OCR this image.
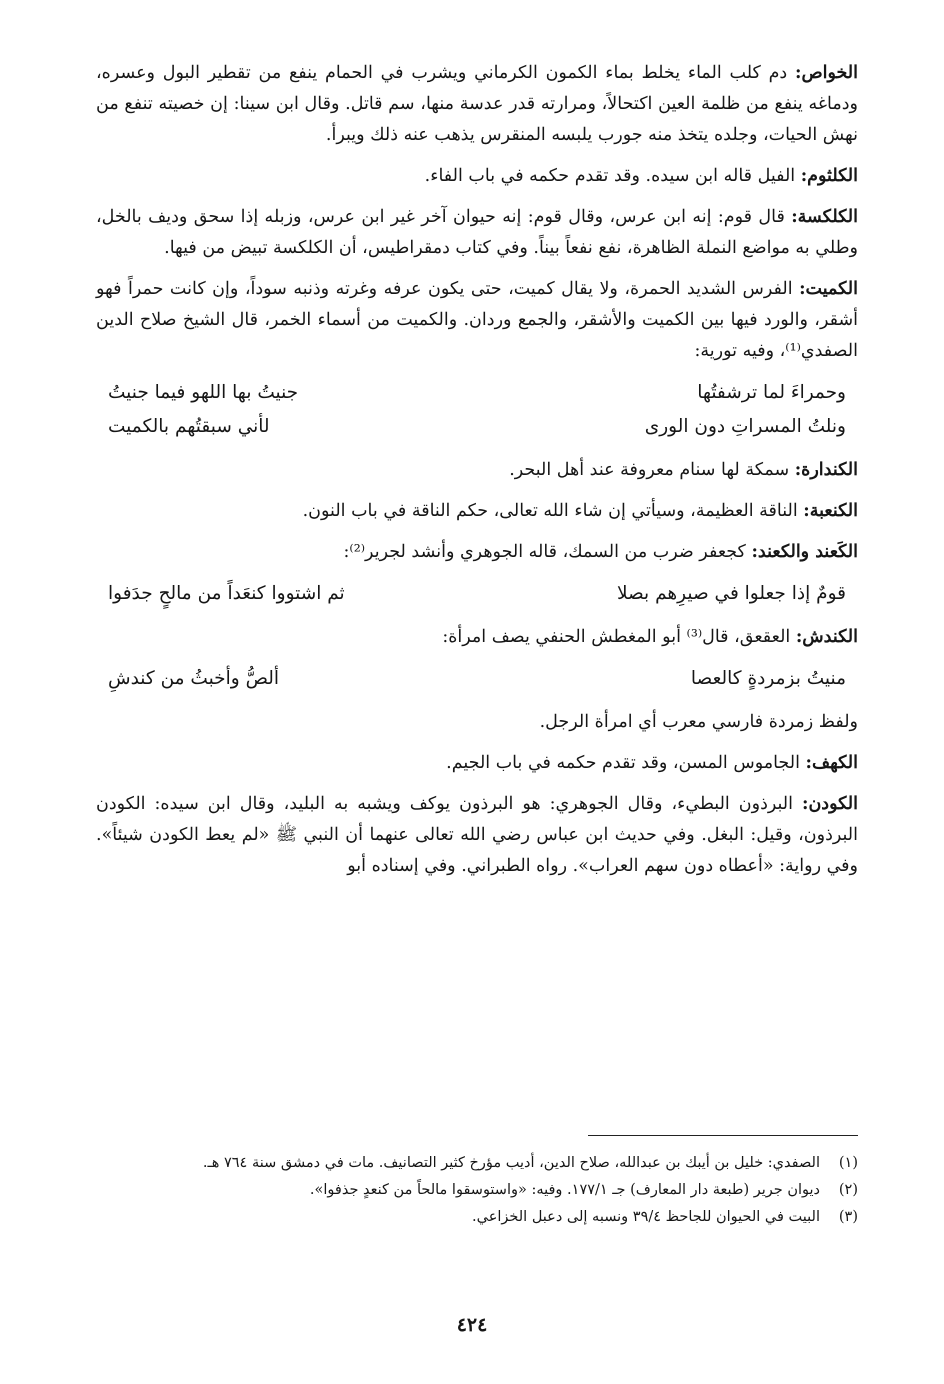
الخواص: دم كلب الماء يخلط بماء الكمون الكرماني ويشرب في الحمام ينفع من تقطير البول وعسره، ودماغه ينفع من ظلمة العين اكتحالاً، ومرارته قدر عدسة منها، سم قاتل. وقال ابن سينا: إن خصيته تنفع من نهش الحيات، وجلده يتخذ منه جورب يلبسه المنقرس يذهب عنه ذلك ويبرأ.

الكلثوم: الفيل قاله ابن سيده. وقد تقدم حكمه في باب الفاء.

الكلكسة: قال قوم: إنه ابن عرس، وقال قوم: إنه حيوان آخر غير ابن عرس، وزبله إذا سحق وديف بالخل، وطلي به مواضع النملة الظاهرة، نفع نفعاً بيناً. وفي كتاب دمقراطيس، أن الكلكسة تبيض من فيها.

الكميت: الفرس الشديد الحمرة، ولا يقال كميت، حتى يكون عرفه وغرته وذنبه سوداً، وإن كانت حمراً فهو أشقر، والورد فيها بين الكميت والأشقر، والجمع وردان. والكميت من أسماء الخمر، قال الشيخ صلاح الدين الصفدي⁽¹⁾، وفيه تورية:

وحمراءَ لما ترشفتُها
جنيتُ بها اللهو فيما جنيتُ
ونلتُ المسراتِ دون الورى
لأني سبقتُهم بالكميت

الكندارة: سمكة لها سنام معروفة عند أهل البحر.

الكنعبة: الناقة العظيمة، وسيأتي إن شاء الله تعالى، حكم الناقة في باب النون.

الكَعند والكعند: كجعفر ضرب من السمك، قاله الجوهري وأنشد لجرير⁽²⁾:

قومٌ إذا جعلوا في صيرِهم بصلا
ثم اشتووا كنعَداً من مالحٍ جدَفوا

الكندش: العقعق، قال⁽³⁾ أبو المغطش الحنفي يصف امرأة:

منيتُ بزمردةٍ كالعصا
ألصُّ وأخبثُ من كندشِ

ولفظ زمردة فارسي معرب أي امرأة الرجل.

الكهف: الجاموس المسن، وقد تقدم حكمه في باب الجيم.

الكودن: البرذون البطيء، وقال الجوهري: هو البرذون يوكف ويشبه به البليد، وقال ابن سيده: الكودن البرذون، وقيل: البغل. وفي حديث ابن عباس رضي الله تعالى عنهما أن النبي ﷺ «لم يعط الكودن شيئاً». وفي رواية: «أعطاه دون سهم العراب». رواه الطبراني. وفي إسناده أبو

(١)
الصفدي: خليل بن أيبك بن عبدالله، صلاح الدين، أديب مؤرخ كثير التصانيف. مات في دمشق سنة ٧٦٤ هـ.
(٢)
ديوان جرير (طبعة دار المعارف) جـ ١٧٧/١. وفيه: «واستوسقوا مالحاً من كنعدٍ جذفوا».
(٣)
البيت في الحيوان للجاحظ ٣٩/٤ ونسبه إلى دعبل الخزاعي.
٤٢٤
